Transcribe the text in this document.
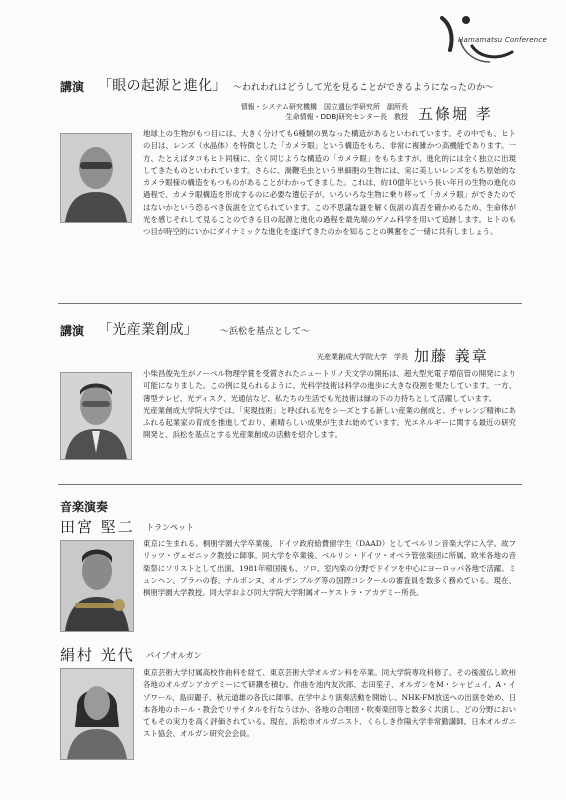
Hamamatsu Conference
講演 「眼の起源と進化」 〜われわれはどうして光を見ることができるようになったのか〜
情報・システム研究機構　国立遺伝学研究所　副所長
生命情報・DDBJ研究センター長　教授 五條堀 孝

地球上の生物がもつ目には、大きく分けても6種類の異なった構造があるといわれています。その中でも、ヒトの目は、レンズ（水晶体）を特徴とした「カメラ眼」という構造をもち、非常に複雑かつ高機能であります。一方、たとえばタコもヒト同様に、全く同じような構造の「カメラ眼」をもちますが、進化的には全く独立に出現してきたものといわれています。さらに、渦鞭毛虫という単細胞の生物には、実に美しいレンズをもち原始的なカメラ眼様の構造をもつものがあることがわかってきました。これは、約10億年という長い年月の生物の進化の過程で、カメラ眼構造を形成するのに必要な遺伝子が、いろいろな生物に乗り移って「カメラ眼」ができたのではないかという恐るべき仮説を立てられています。この不思議な謎を解く仮説の真否を確かめるため、生命体が光を感じそれして見ることのできる目の起源と進化の過程を最先端のゲノム科学を用いて追跡します。ヒトのもつ目が時空的にいかにダイナミックな進化を遂げてきたのかを知ることの興奮をご一緒に共有しましょう。

講演 「光産業創成」 〜浜松を基点として〜
光産業創成大学院大学　学長 加藤 義章

小柴昌俊先生がノーベル物理学賞を受賞されたニュートリノ天文学の開拓は、超大型光電子増倍管の開発により可能になりました。この例に見られるように、光科学技術は科学の進歩に大きな役割を果たしています。一方、薄型テレビ、光ディスク、光通信など、私たちの生活でも光技術は縁の下の力持ちとして活躍しています。

光産業創成大学院大学では、「実現技術」と呼ばれる光をシーズとする新しい産業の創成と、チャレンジ精神にあふれる起業家の育成を推進しており、素晴らしい成果が生まれ始めています。光エネルギーに関する最近の研究開発と、浜松を基点とする光産業創成の活動を紹介します。

音楽演奏
田宮 堅二 トランペット

東京に生まれる。桐朋学園大学卒業後、ドイツ政府給費留学生（DAAD）としてベルリン音楽大学に入学。故フリッツ・ヴェゼニック教授に師事。同大学を卒業後、ベルリン・ドイツ・オペラ管弦楽団に所属。欧米各地の音楽祭にソリストとして出演。1981年帰国後も、ソロ、室内楽の分野でドイツを中心にヨーロッパ各地で活躍。ミュンヘン、プラハの春、ナルボンヌ、オルデンブルグ等の国際コンクールの審査員を数多く務めている。現在、桐朋学園大学教授。同大学および同大学院大学附属オーケストラ・アカデミー所長。

絹村 光代 パイプオルガン

東京芸術大学付属高校作曲科を経て、東京芸術大学オルガン科を卒業。同大学院専攻科修了。その後渡仏し欧州各地のオルガンアカデミーにて研鑽を積む。作曲を池内友次郎、志田笙子、オルガンをM・シャピュイ、A・イゾワール、島田麗子、秋元道雄の各氏に師事。在学中より演奏活動を開始し、NHK-FM放送への出演を始め、日本各地のホール・教会でリサイタルを行なうほか、各地の合唱団・吹奏楽団等と数多く共演し、どの分野においてもその実力を高く評価されている。現在、浜松市オルガニスト、くらしき作陽大学非常勤講師。日本オルガニスト協会、オルガン研究会会員。
